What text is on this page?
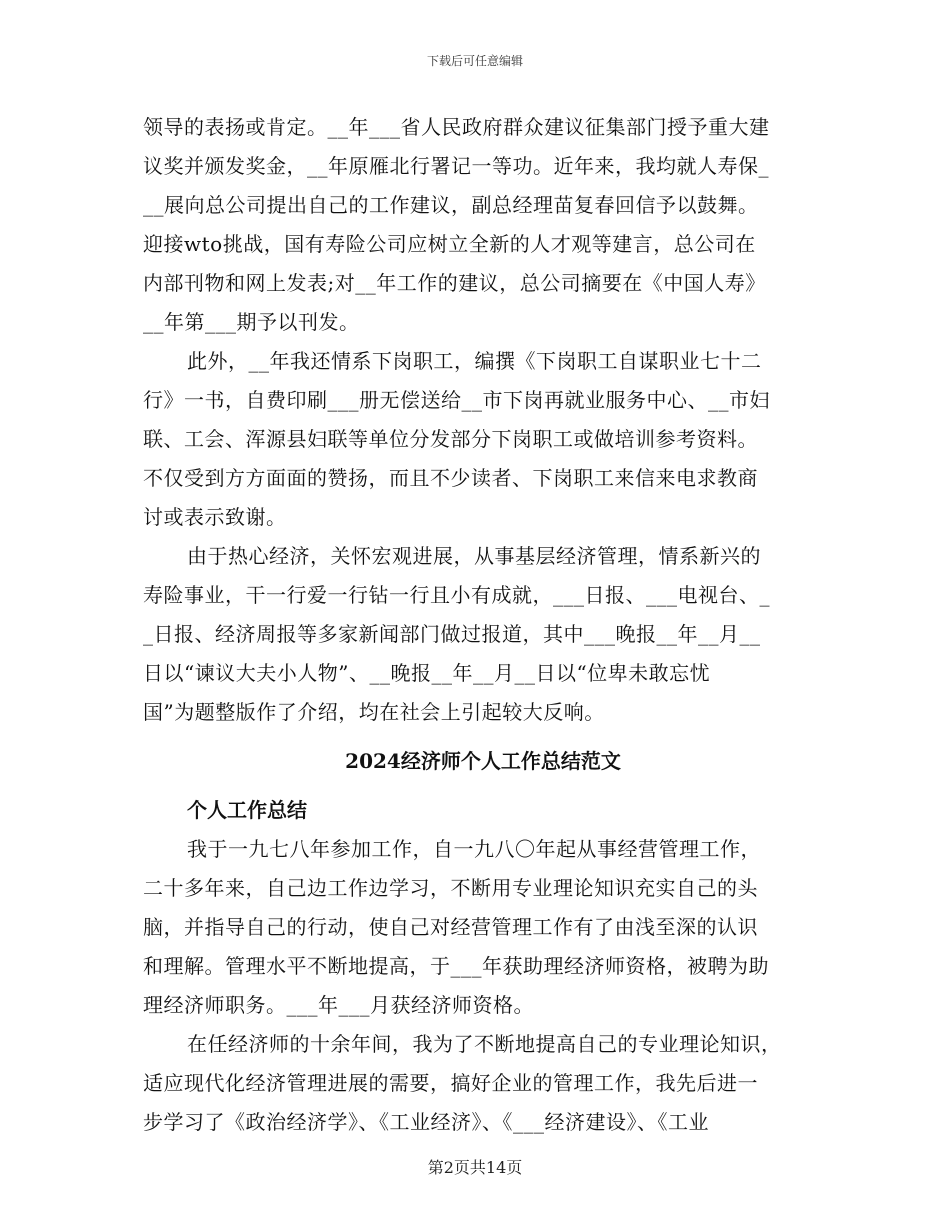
下载后可任意编辑
领导的表扬或肯定。__年___省人民政府群众建议征集部门授予重大建
议奖并颁发奖金，__年原雁北行署记一等功。近年来，我均就人寿保_
__展向总公司提出自己的工作建议，副总经理苗复春回信予以鼓舞。
迎接wto挑战，国有寿险公司应树立全新的人才观等建言，总公司在
内部刊物和网上发表;对__年工作的建议，总公司摘要在《中国人寿》
__年第___期予以刊发。
此外，__年我还情系下岗职工，编撰《下岗职工自谋职业七十二
行》一书，自费印刷___册无偿送给__市下岗再就业服务中心、__市妇
联、工会、浑源县妇联等单位分发部分下岗职工或做培训参考资料。
不仅受到方方面面的赞扬，而且不少读者、下岗职工来信来电求教商
讨或表示致谢。
由于热心经济，关怀宏观进展，从事基层经济管理，情系新兴的
寿险事业，干一行爱一行钻一行且小有成就，___日报、___电视台、_
_日报、经济周报等多家新闻部门做过报道，其中___晚报__年__月__
日以“谏议大夫小人物”、__晚报__年__月__日以“位卑未敢忘忧
国”为题整版作了介绍，均在社会上引起较大反响。
2024经济师个人工作总结范文
个人工作总结
我于一九七八年参加工作，自一九八〇年起从事经营管理工作，
二十多年来，自己边工作边学习，不断用专业理论知识充实自己的头
脑，并指导自己的行动，使自己对经营管理工作有了由浅至深的认识
和理解。管理水平不断地提高，于___年获助理经济师资格，被聘为助
理经济师职务。___年___月获经济师资格。
在任经济师的十余年间，我为了不断地提高自己的专业理论知识，
适应现代化经济管理进展的需要，搞好企业的管理工作，我先后进一
步学习了《政治经济学》、《工业经济》、《___经济建设》、《工业
第2页共14页
